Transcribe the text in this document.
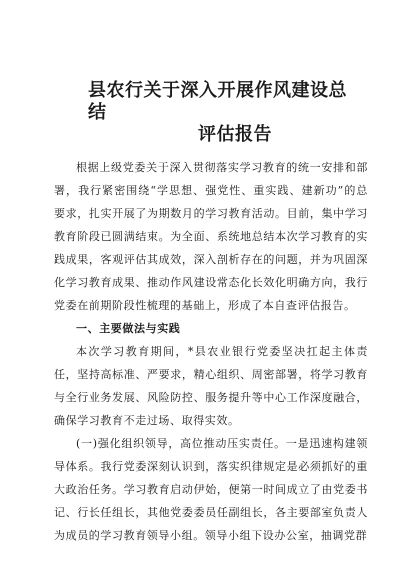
县农行关于深入开展作风建设总结
评估报告

根据上级党委关于深入贯彻落实学习教育的统一安排和部署，我行紧密围绕“学思想、强党性、重实践、建新功”的总要求，扎实开展了为期数月的学习教育活动。目前，集中学习教育阶段已圆满结束。为全面、系统地总结本次学习教育的实践成果，客观评估其成效，深入剖析存在的问题，并为巩固深化学习教育成果、推动作风建设常态化长效化明确方向，我行党委在前期阶段性梳理的基础上，形成了本自查评估报告。

一、主要做法与实践

本次学习教育期间，*县农业银行党委坚决扛起主体责任，坚持高标准、严要求，精心组织、周密部署，将学习教育与全行业务发展、风险防控、服务提升等中心工作深度融合，确保学习教育不走过场、取得实效。

(一)强化组织领导，高位推动压实责任。一是迅速构建领导体系。我行党委深刻认识到，落实织律规定是必须抓好的重大政治任务。学习教育启动伊始，便第一时间成立了由党委书记、行长任组长，其他党委委员任副组长，各主要部室负责人为成员的学习教育领导小组。领导小组下设办公室，抽调党群
